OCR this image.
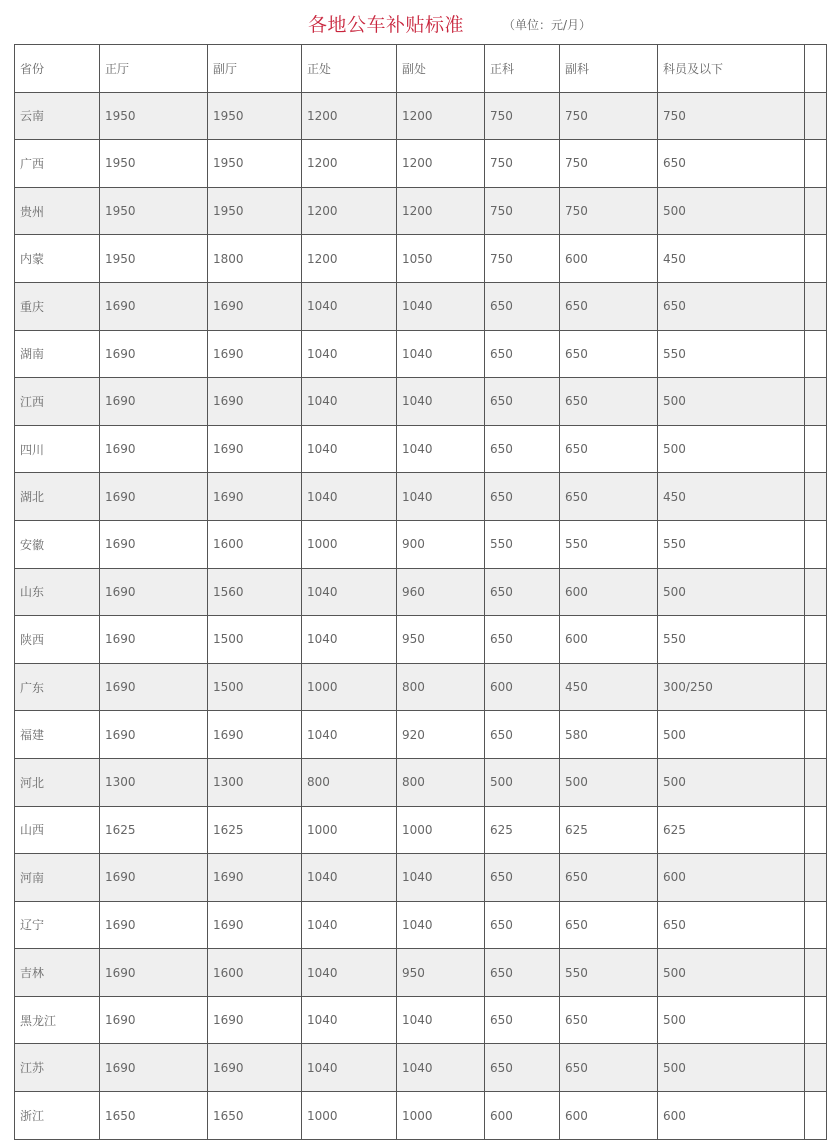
各地公车补贴标准	（单位：元/月）
省份	正厅	副厅	正处	副处	正科	副科	科员及以下	
云南	1950	1950	1200	1200	750	750	750	
广西	1950	1950	1200	1200	750	750	650	
贵州	1950	1950	1200	1200	750	750	500	
内蒙	1950	1800	1200	1050	750	600	450	
重庆	1690	1690	1040	1040	650	650	650	
湖南	1690	1690	1040	1040	650	650	550	
江西	1690	1690	1040	1040	650	650	500	
四川	1690	1690	1040	1040	650	650	500	
湖北	1690	1690	1040	1040	650	650	450	
安徽	1690	1600	1000	900	550	550	550	
山东	1690	1560	1040	960	650	600	500	
陕西	1690	1500	1040	950	650	600	550	
广东	1690	1500	1000	800	600	450	300/250	
福建	1690	1690	1040	920	650	580	500	
河北	1300	1300	800	800	500	500	500	
山西	1625	1625	1000	1000	625	625	625	
河南	1690	1690	1040	1040	650	650	600	
辽宁	1690	1690	1040	1040	650	650	650	
吉林	1690	1600	1040	950	650	550	500	
黑龙江	1690	1690	1040	1040	650	650	500	
江苏	1690	1690	1040	1040	650	650	500	
浙江	1650	1650	1000	1000	600	600	600	
